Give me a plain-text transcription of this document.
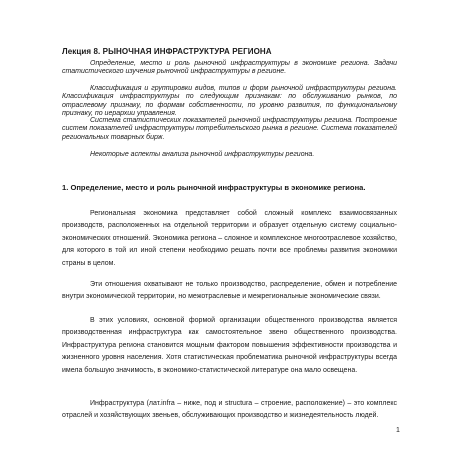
Лекция 8. РЫНОЧНАЯ ИНФРАСТРУКТУРА РЕГИОНА

Определение, место и роль рыночной инфраструктуры в экономике региона. Задачи статистического изучения рыночной инфраструктуры в регионе.

Классификация и группировки видов, типов и форм рыночной инфраструктуры региона. Классификация инфраструктуры по следующим признакам: по обслуживанию рынков, по отраслевому признаку, по формам собственности, по уровню развития, по функциональному признаку, по иерархии управления.

Система статистических показателей рыночной инфраструктуры региона. Построение систем показателей инфраструктуры потребительского рынка в регионе. Система показателей региональных товарных бирж.

Некоторые аспекты анализа рыночной инфраструктуры региона.

1. Определение, место и роль рыночной инфраструктуры в экономике региона.

Региональная экономика представляет собой сложный комплекс взаимосвязанных производств, расположенных на отдельной территории и образует отдельную систему социально-экономических отношений. Экономика региона – сложное и комплексное многоотраслевое хозяйство, для которого в той ил иной степени необходимо решать почти все проблемы развития экономики страны в целом.

Эти отношения охватывают не только производство, распределение, обмен и потребление внутри экономической территории, но межотраслевые и межрегиональные экономические связи.

В этих условиях, основной формой организации общественного производства является производственная инфраструктура как самостоятельное звено общественного производства. Инфраструктура региона становится мощным фактором повышения эффективности производства и жизненного уровня населения. Хотя статистическая проблематика рыночной инфраструктуры всегда имела большую значимость, в экономико-статистической литературе она мало освещена.

Инфраструктура (лат.infra – ниже, под и structura – строение, расположение) – это комплекс отраслей и хозяйствующих звеньев, обслуживающих производство и жизнедеятельность людей.

1
